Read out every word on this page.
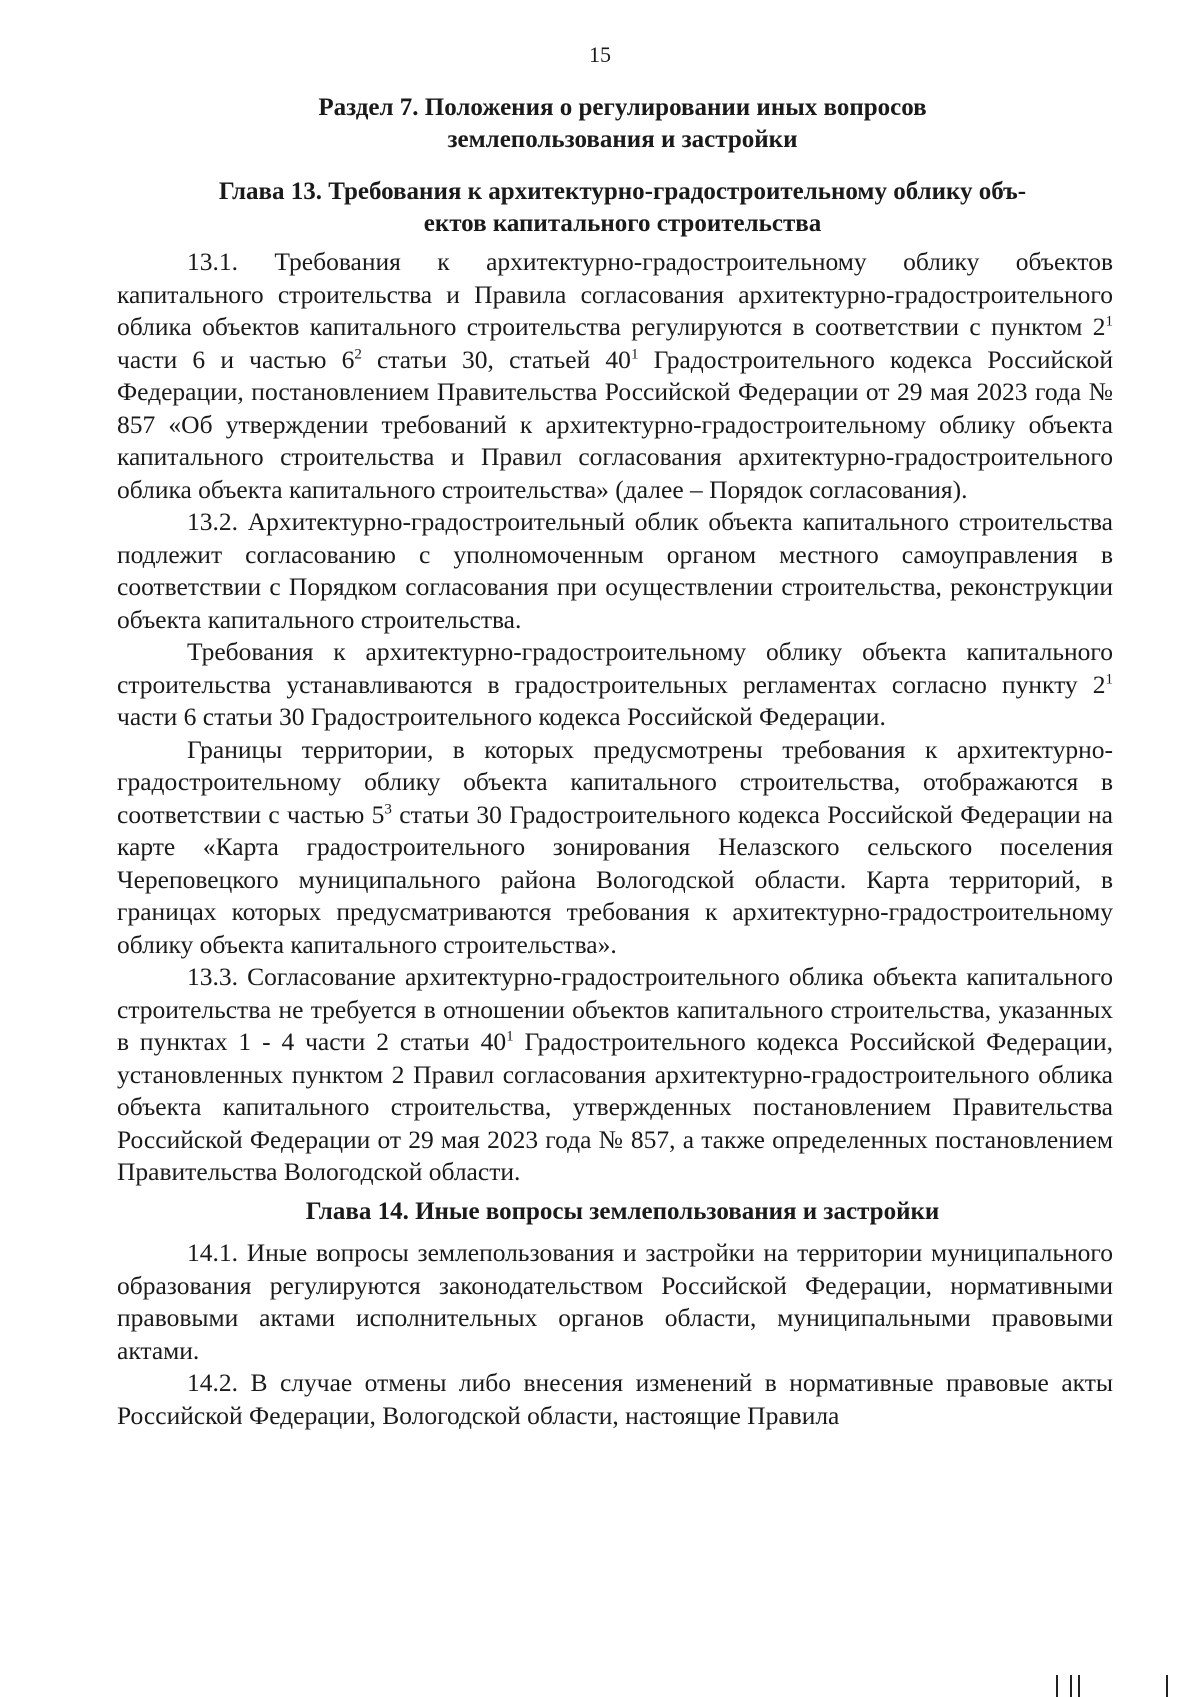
15
Раздел 7. Положения о регулировании иных вопросов
землепользования и застройки
Глава 13. Требования к архитектурно-градостроительному облику объ-
ектов капитального строительства

13.1. Требования к архитектурно-градостроительному облику объектов капитального строительства и Правила согласования архитектурно-градостроительного облика объектов капитального строительства регулируются в соответствии с пунктом $2^1$ части 6 и частью $6^2$ статьи 30, статьей $40^1$ Градостроительного кодекса Российской Федерации, постановлением Правительства Российской Федерации от 29 мая 2023 года № 857 «Об утверждении требований к архитектурно-градостроительному облику объекта капитального строительства и Правил согласования архитектурно-градостроительного облика объекта капитального строительства» (далее – Порядок согласования).

13.2. Архитектурно-градостроительный облик объекта капитального строительства подлежит согласованию с уполномоченным органом местного самоуправления в соответствии с Порядком согласования при осуществлении строительства, реконструкции объекта капитального строительства.

Требования к архитектурно-градостроительному облику объекта капитального строительства устанавливаются в градостроительных регламентах согласно пункту $2^1$ части 6 статьи 30 Градостроительного кодекса Российской Федерации.

Границы территории, в которых предусмотрены требования к архитектурно-градостроительному облику объекта капитального строительства, отображаются в соответствии с частью $5^3$ статьи 30 Градостроительного кодекса Российской Федерации на карте «Карта градостроительного зонирования Нелазского сельского поселения Череповецкого муниципального района Вологодской области. Карта территорий, в границах которых предусматриваются требования к архитектурно-градостроительному облику объекта капитального строительства».

13.3. Согласование архитектурно-градостроительного облика объекта капитального строительства не требуется в отношении объектов капитального строительства, указанных в пунктах 1 - 4 части 2 статьи $40^1$ Градостроительного кодекса Российской Федерации, установленных пунктом 2 Правил согласования архитектурно-градостроительного облика объекта капитального строительства, утвержденных постановлением Правительства Российской Федерации от 29 мая 2023 года № 857, а также определенных постановлением Правительства Вологодской области.

Глава 14. Иные вопросы землепользования и застройки

14.1. Иные вопросы землепользования и застройки на территории муниципального образования регулируются законодательством Российской Федерации, нормативными правовыми актами исполнительных органов области, муниципальными правовыми актами.

14.2. В случае отмены либо внесения изменений в нормативные правовые акты Российской Федерации, Вологодской области, настоящие Правила
